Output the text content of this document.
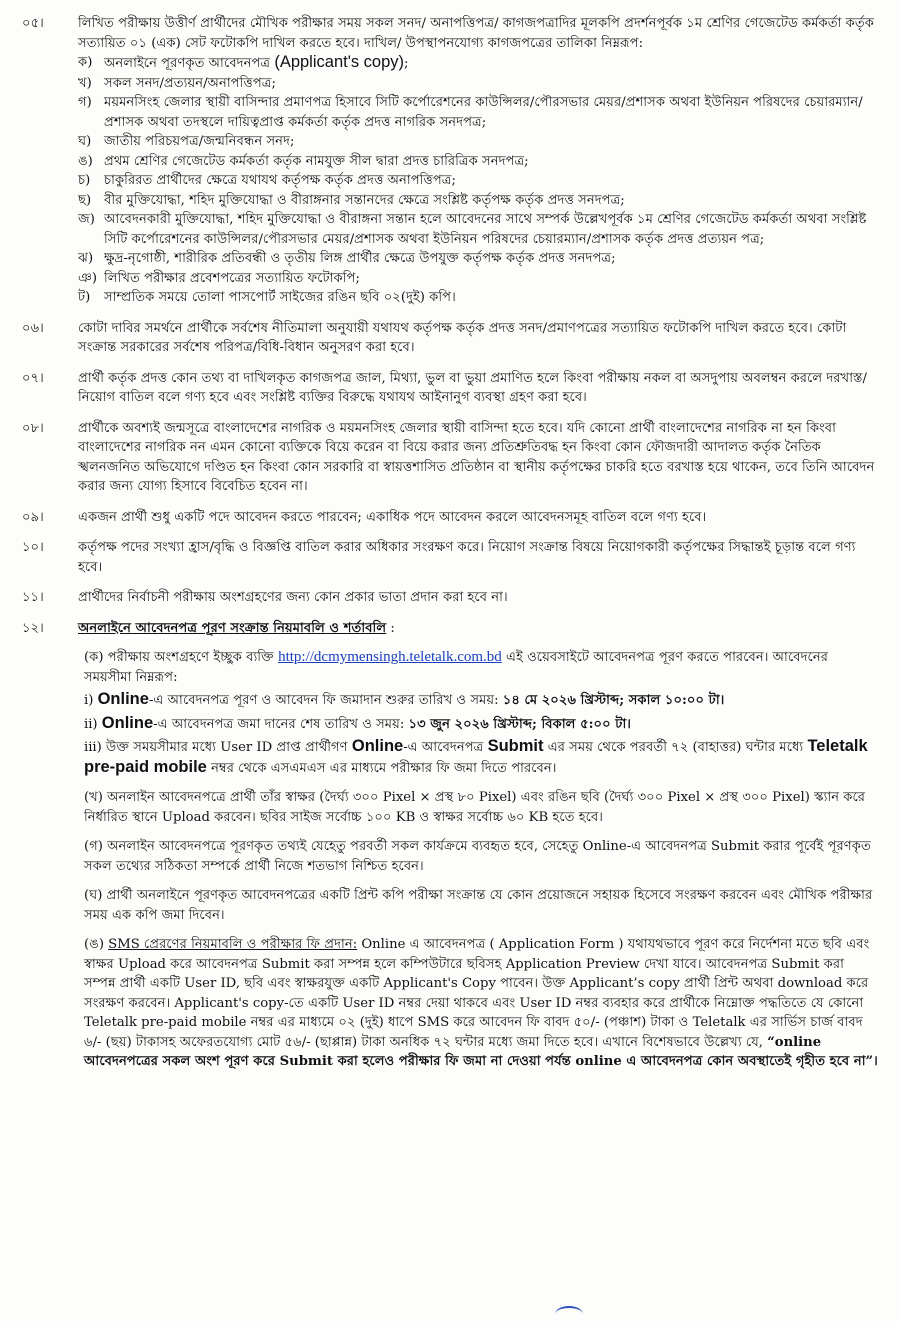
০৫।	লিখিত পরীক্ষায় উত্তীর্ণ প্রার্থীদের মৌখিক পরীক্ষার সময় সকল সনদ/ অনাপত্তিপত্র/ কাগজপত্রাদির মূলকপি প্রদর্শনপূর্বক ১ম শ্রেণির গেজেটেড কর্মকর্তা কর্তৃক সত্যায়িত ০১ (এক) সেট ফটোকপি দাখিল করতে হবে। দাখিল/ উপস্থাপনযোগ্য কাগজপত্রের তালিকা নিম্নরূপ:
ক) অনলাইনে পূরণকৃত আবেদনপত্র (Applicant's copy);
খ) সকল সনদ/প্রত্যয়ন/অনাপত্তিপত্র;
গ) ময়মনসিংহ জেলার স্থায়ী বাসিন্দার প্রমাণপত্র হিসাবে সিটি কর্পোরেশনের কাউন্সিলর/পৌরসভার মেয়র/প্রশাসক অথবা ইউনিয়ন পরিষদের চেয়ারম্যান/প্রশাসক অথবা তদস্থলে দায়িত্বপ্রাপ্ত কর্মকর্তা কর্তৃক প্রদত্ত নাগরিক সনদপত্র;
ঘ) জাতীয় পরিচয়পত্র/জন্মনিবন্ধন সনদ;
ঙ) প্রথম শ্রেণির গেজেটেড কর্মকর্তা কর্তৃক নামযুক্ত সীল দ্বারা প্রদত্ত চারিত্রিক সনদপত্র;
চ) চাকুরিরত প্রার্থীদের ক্ষেত্রে যথাযথ কর্তৃপক্ষ কর্তৃক প্রদত্ত অনাপত্তিপত্র;
ছ) বীর মুক্তিযোদ্ধা, শহিদ মুক্তিযোদ্ধা ও বীরাঙ্গনার সন্তানদের ক্ষেত্রে সংশ্লিষ্ট কর্তৃপক্ষ কর্তৃক প্রদত্ত সনদপত্র;
জ) আবেদনকারী মুক্তিযোদ্ধা, শহিদ মুক্তিযোদ্ধা ও বীরাঙ্গনা সন্তান হলে আবেদনের সাথে সম্পর্ক উল্লেখপূর্বক ১ম শ্রেণির গেজেটেড কর্মকর্তা অথবা সংশ্লিষ্ট সিটি কর্পোরেশনের কাউন্সিলর/পৌরসভার মেয়র/প্রশাসক অথবা ইউনিয়ন পরিষদের চেয়ারম্যান/প্রশাসক কর্তৃক প্রদত্ত প্রত্যয়ন পত্র;
ঝ) ক্ষুদ্র-নৃগোষ্ঠী, শারীরিক প্রতিবন্ধী ও তৃতীয় লিঙ্গ প্রার্থীর ক্ষেত্রে উপযুক্ত কর্তৃপক্ষ কর্তৃক প্রদত্ত সনদপত্র;
ঞ) লিখিত পরীক্ষার প্রবেশপত্রের সত্যায়িত ফটোকপি;
ট) সাম্প্রতিক সময়ে তোলা পাসপোর্ট সাইজের রঙিন ছবি ০২(দুই) কপি।
০৬।	কোটা দাবির সমর্থনে প্রার্থীকে সর্বশেষ নীতিমালা অনুযায়ী যথাযথ কর্তৃপক্ষ কর্তৃক প্রদত্ত সনদ/প্রমাণপত্রের সত্যায়িত ফটোকপি দাখিল করতে হবে। কোটা সংক্রান্ত সরকারের সর্বশেষ পরিপত্র/বিধি-বিধান অনুসরণ করা হবে।
০৭।	প্রার্থী কর্তৃক প্রদত্ত কোন তথ্য বা দাখিলকৃত কাগজপত্র জাল, মিথ্যা, ভুল বা ভুয়া প্রমাণিত হলে কিংবা পরীক্ষায় নকল বা অসদুপায় অবলম্বন করলে দরখাস্ত/নিয়োগ বাতিল বলে গণ্য হবে এবং সংশ্লিষ্ট ব্যক্তির বিরুদ্ধে যথাযথ আইনানুগ ব্যবস্থা গ্রহণ করা হবে।
০৮।	প্রার্থীকে অবশ্যই জন্মসূত্রে বাংলাদেশের নাগরিক ও ময়মনসিংহ জেলার স্থায়ী বাসিন্দা হতে হবে। যদি কোনো প্রার্থী বাংলাদেশের নাগরিক না হন কিংবা বাংলাদেশের নাগরিক নন এমন কোনো ব্যক্তিকে বিয়ে করেন বা বিয়ে করার জন্য প্রতিশ্রুতিবদ্ধ হন কিংবা কোন ফৌজদারী আদালত কর্তৃক নৈতিক স্খলনজনিত অভিযোগে দণ্ডিত হন কিংবা কোন সরকারি বা স্বায়ত্তশাসিত প্রতিষ্ঠান বা স্থানীয় কর্তৃপক্ষের চাকরি হতে বরখাস্ত হয়ে থাকেন, তবে তিনি আবেদন করার জন্য যোগ্য হিসাবে বিবেচিত হবেন না।
০৯।	একজন প্রার্থী শুধু একটি পদে আবেদন করতে পারবেন; একাধিক পদে আবেদন করলে আবেদনসমূহ বাতিল বলে গণ্য হবে।
১০।	কর্তৃপক্ষ পদের সংখ্যা হ্রাস/বৃদ্ধি ও বিজ্ঞপ্তি বাতিল করার অধিকার সংরক্ষণ করে। নিয়োগ সংক্রান্ত বিষয়ে নিয়োগকারী কর্তৃপক্ষের সিদ্ধান্তই চূড়ান্ত বলে গণ্য হবে।
১১।	প্রার্থীদের নির্বাচনী পরীক্ষায় অংশগ্রহণের জন্য কোন প্রকার ভাতা প্রদান করা হবে না।
১২।	অনলাইনে আবেদনপত্র পূরণ সংক্রান্ত নিয়মাবলি ও শর্তাবলি :
(ক) পরীক্ষায় অংশগ্রহণে ইচ্ছুক ব্যক্তি http://dcmymensingh.teletalk.com.bd এই ওয়েবসাইটে আবেদনপত্র পূরণ করতে পারবেন। আবেদনের সময়সীমা নিম্নরূপ:
i) Online-এ আবেদনপত্র পূরণ ও আবেদন ফি জমাদান শুরুর তারিখ ও সময়: ১৪ মে ২০২৬ খ্রিস্টাব্দ; সকাল ১০:০০ টা।
ii) Online-এ আবেদনপত্র জমা দানের শেষ তারিখ ও সময়: ১৩ জুন ২০২৬ খ্রিস্টাব্দ; বিকাল ৫:০০ টা।
iii) উক্ত সময়সীমার মধ্যে User ID প্রাপ্ত প্রার্থীগণ Online-এ আবেদনপত্র Submit এর সময় থেকে পরবর্তী ৭২ (বাহাত্তর) ঘন্টার মধ্যে Teletalk pre-paid mobile নম্বর থেকে এসএমএস এর মাধ্যমে পরীক্ষার ফি জমা দিতে পারবেন।
(খ) অনলাইন আবেদনপত্রে প্রার্থী তাঁর স্বাক্ষর (দৈর্ঘ্য ৩০০ Pixel × প্রস্থ ৮০ Pixel) এবং রঙিন ছবি (দৈর্ঘ্য ৩০০ Pixel × প্রস্থ ৩০০ Pixel) স্ক্যান করে নির্ধারিত স্থানে Upload করবেন। ছবির সাইজ সর্বোচ্চ ১০০ KB ও স্বাক্ষর সর্বোচ্চ ৬০ KB হতে হবে।
(গ) অনলাইন আবেদনপত্রে পূরণকৃত তথ্যই যেহেতু পরবর্তী সকল কার্যক্রমে ব্যবহৃত হবে, সেহেতু Online-এ আবেদনপত্র Submit করার পূর্বেই পূরণকৃত সকল তথ্যের সঠিকতা সম্পর্কে প্রার্থী নিজে শতভাগ নিশ্চিত হবেন।
(ঘ) প্রার্থী অনলাইনে পূরণকৃত আবেদনপত্রের একটি প্রিন্ট কপি পরীক্ষা সংক্রান্ত যে কোন প্রয়োজনে সহায়ক হিসেবে সংরক্ষণ করবেন এবং মৌখিক পরীক্ষার সময় এক কপি জমা দিবেন।
(ঙ) SMS প্রেরণের নিয়মাবলি ও পরীক্ষার ফি প্রদান: Online এ আবেদনপত্র ( Application Form ) যথাযথভাবে পূরণ করে নির্দেশনা মতে ছবি এবং স্বাক্ষর Upload করে আবেদনপত্র Submit করা সম্পন্ন হলে কম্পিউটারে ছবিসহ Application Preview দেখা যাবে। আবেদনপত্র Submit করা সম্পন্ন প্রার্থী একটি User ID, ছবি এবং স্বাক্ষরযুক্ত একটি Applicant's Copy পাবেন। উক্ত Applicant’s copy প্রার্থী প্রিন্ট অথবা download করে সংরক্ষণ করবেন। Applicant's copy-তে একটি User ID নম্বর দেয়া থাকবে এবং User ID নম্বর ব্যবহার করে প্রার্থীকে নিম্নোক্ত পদ্ধতিতে যে কোনো Teletalk pre-paid mobile নম্বর এর মাধ্যমে ০২ (দুই) ধাপে SMS করে আবেদন ফি বাবদ ৫০/- (পঞ্চাশ) টাকা ও Teletalk এর সার্ভিস চার্জ বাবদ ৬/- (ছয়) টাকাসহ অফেরতযোগ্য মোট ৫৬/- (ছাপ্পান্ন) টাকা অনধিক ৭২ ঘন্টার মধ্যে জমা দিতে হবে। এখানে বিশেষভাবে উল্লেখ্য যে, “online আবেদনপত্রের সকল অংশ পূরণ করে Submit করা হলেও পরীক্ষার ফি জমা না দেওয়া পর্যন্ত online এ আবেদনপত্র কোন অবস্থাতেই গৃহীত হবে না”।
